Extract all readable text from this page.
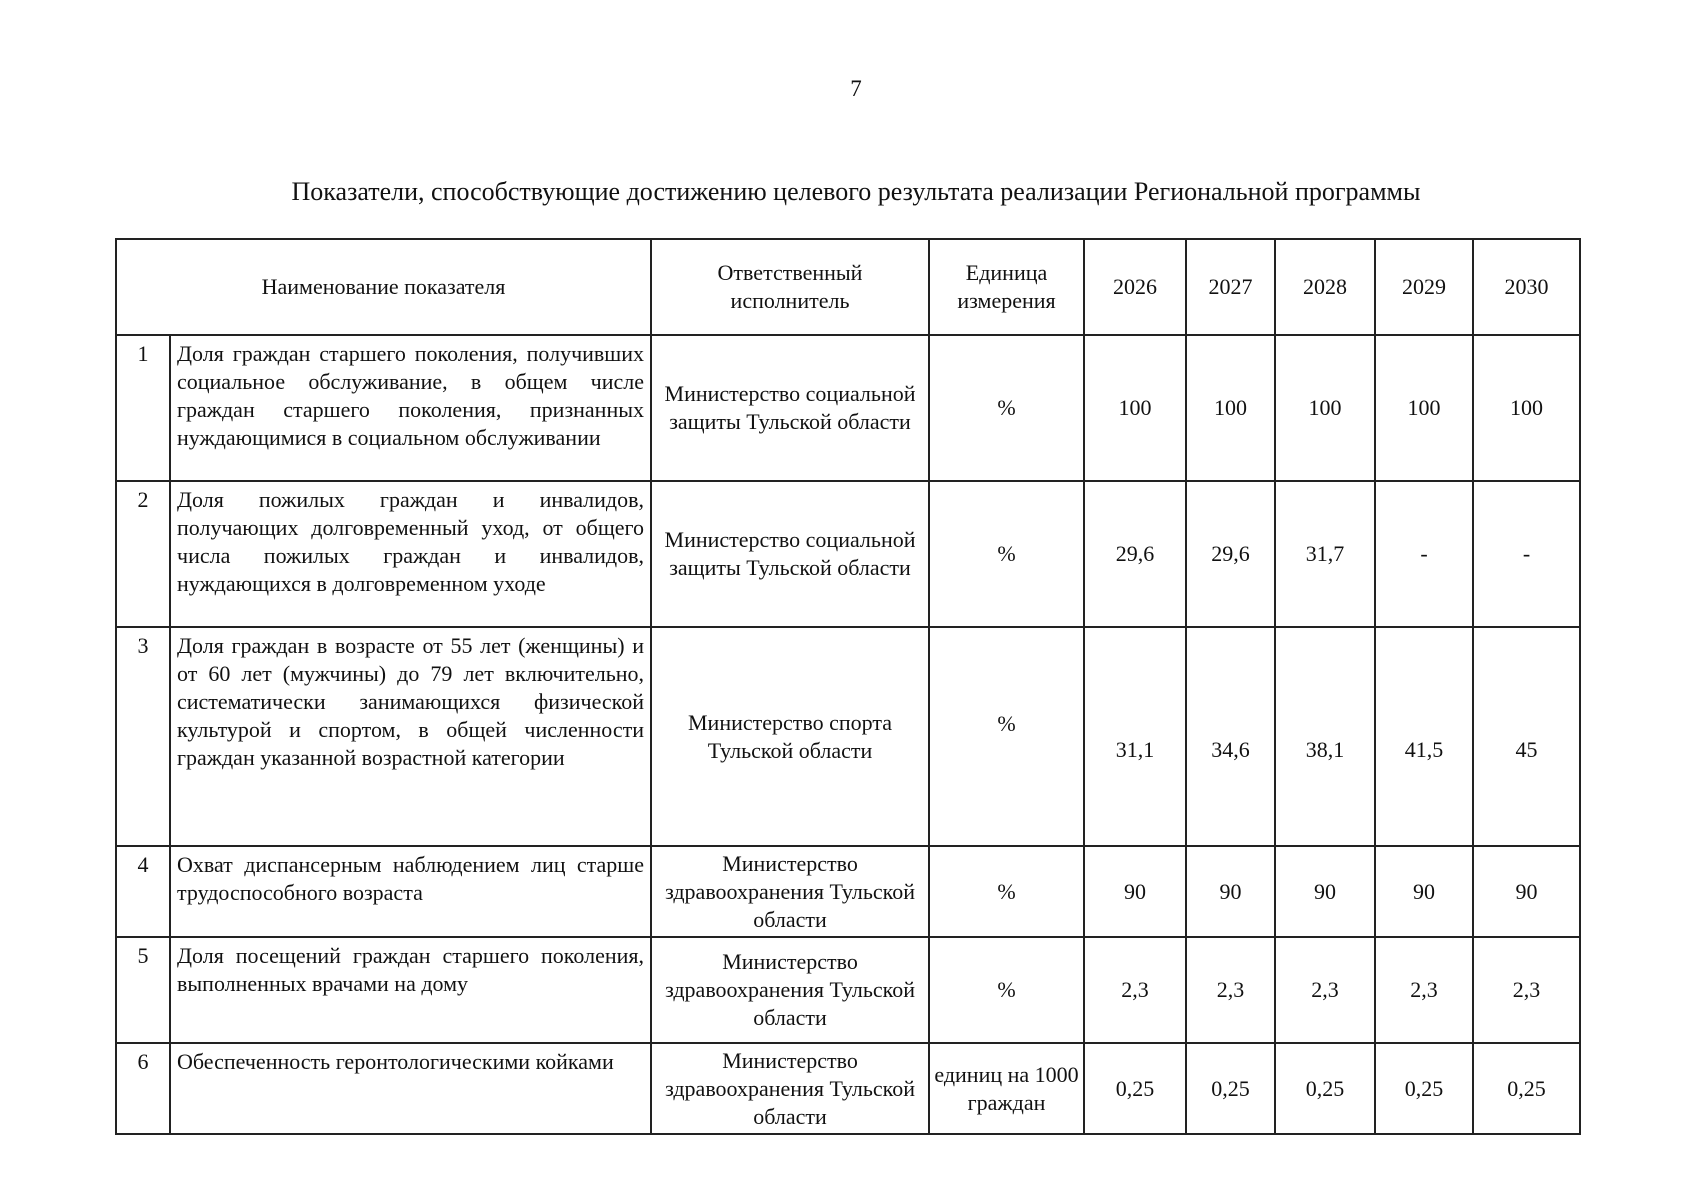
7
Показатели, способствующие достижению целевого результата реализации Региональной программы
Наименование показателя		Ответственный исполнитель	Единица измерения	2026	2027	2028	2029	2030
1	Доля граждан старшего поколения, получивших социальное обслуживание, в общем числе граждан старшего поколения, признанных нуждающимися в социальном обслуживании	Министерство социальной защиты Тульской области	%	100	100	100	100	100
2	Доля пожилых граждан и инвалидов, получающих долговременный уход, от общего числа пожилых граждан и инвалидов, нуждающихся в долговременном уходе	Министерство социальной защиты Тульской области	%	29,6	29,6	31,7	-	-
3	Доля граждан в возрасте от 55 лет (женщины) и от 60 лет (мужчины) до 79 лет включительно, систематически занимающихся физической культурой и спортом, в общей численности граждан указанной возрастной категории	Министерство спорта Тульской области	%	31,1	34,6	38,1	41,5	45
4	Охват диспансерным наблюдением лиц старше трудоспособного возраста	Министерство здравоохранения Тульской области	%	90	90	90	90	90
5	Доля посещений граждан старшего поколения, выполненных врачами на дому	Министерство здравоохранения Тульской области	%	2,3	2,3	2,3	2,3	2,3
6	Обеспеченность геронтологическими койками	Министерство здравоохранения Тульской области	единиц на 1000 граждан	0,25	0,25	0,25	0,25	0,25
